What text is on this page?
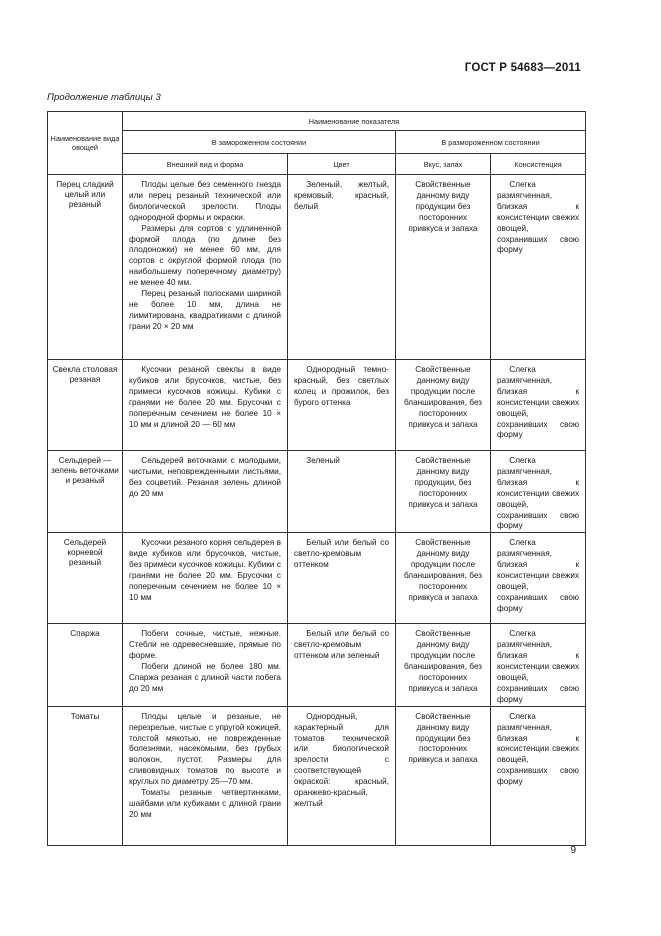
ГОСТ Р 54683—2011
Продолжение таблицы 3
Наименование вида овощей	Наименование показателя			
	В замороженном состоянии		В размороженном состоянии	
	Внешний вид и форма	Цвет	Вкус, запах	Консистенция
Перец сладкий целый или резаный	Плоды целые без семенного гнезда или перец резаный технической или биологической зрелости. Плоды однородной формы и окраски.

Размеры для сортов с удлиненной формой плода (по длине без плодоножки) не менее 60 мм, для сортов с округлой формой плода (по наибольшему поперечному диаметру) не менее 40 мм.

Перец резаный полосками шириной не более 10 мм, длина не лимитирована, квадратиками с длиной грани 20 × 20 мм	Зеленый, желтый, кремовый, красный, белый	Свойственные данному виду продукции без посторонних привкуса и запаха	Слегка размягченная, близкая к консистенции свежих овощей, сохранивших свою форму

Свекла столовая резаная	Кусочки резаной свеклы в виде кубиков или брусочков, чистые, без примеси кусочков кожицы. Кубики с гранями не более 20 мм. Брусочки с поперечным сечением не более 10 × 10 мм и длиной 20 — 60 мм	Однородный темно-красный, без светлых колец и прожилок, без бурого оттенка	Свойственные данному виду продукции после бланширования, без посторонних привкуса и запаха	Слегка размягченная, близкая к консистенции свежих овощей, сохранивших свою форму

Сельдерей — зелень веточками и резаный	Сельдерей веточками с молодыми, чистыми, неповрежденными листьями, без соцветий. Резаная зелень длиной до 20 мм	Зеленый	Свойственные данному виду продукции, без посторонних привкуса и запаха	Слегка размягченная, близкая к консистенции свежих овощей, сохранивших свою форму

Сельдерей корневой резаный	Кусочки резаного корня сельдерея в виде кубиков или брусочков, чистые, без примеси кусочков кожицы. Кубики с гранями не более 20 мм. Брусочки с поперечным сечением не более 10 × 10 мм	Белый или белый со светло-кремовым оттенком	Свойственные данному виду продукции после бланширования, без посторонних привкуса и запаха	Слегка размягченная, близкая к консистенции свежих овощей, сохранивших свою форму

Спаржа	Побеги сочные, чистые, нежные. Стебли не одревесневшие, прямые по форме.

Побеги длиной не более 180 мм. Спаржа резаная с длиной части побега до 20 мм	Белый или белый со светло-кремовым оттенком или зеленый	Свойственные данному виду продукции после бланширования, без посторонних привкуса и запаха	Слегка размягченная, близкая к консистенции свежих овощей, сохранивших свою форму

Томаты	Плоды целые и резаные, не перезрелые, чистые с упругой кожицей, толстой мякотью, не поврежденные болезнями, насекомыми, без грубых волокон, пустот. Размеры для сливовидных томатов по высоте и круглых по диаметру 25—70 мм.

Томаты резаные четвертинками, шайбами или кубиками с длиной грани 20 мм	Однородный, характерный для томатов технической или биологической зрелости с соответствующей окраской: красный, оранжево-красный, желтый	Свойственные данному виду продукции без посторонних привкуса и запаха	Слегка размягченная, близкая к консистенции свежих овощей, сохранивших свою форму

9
